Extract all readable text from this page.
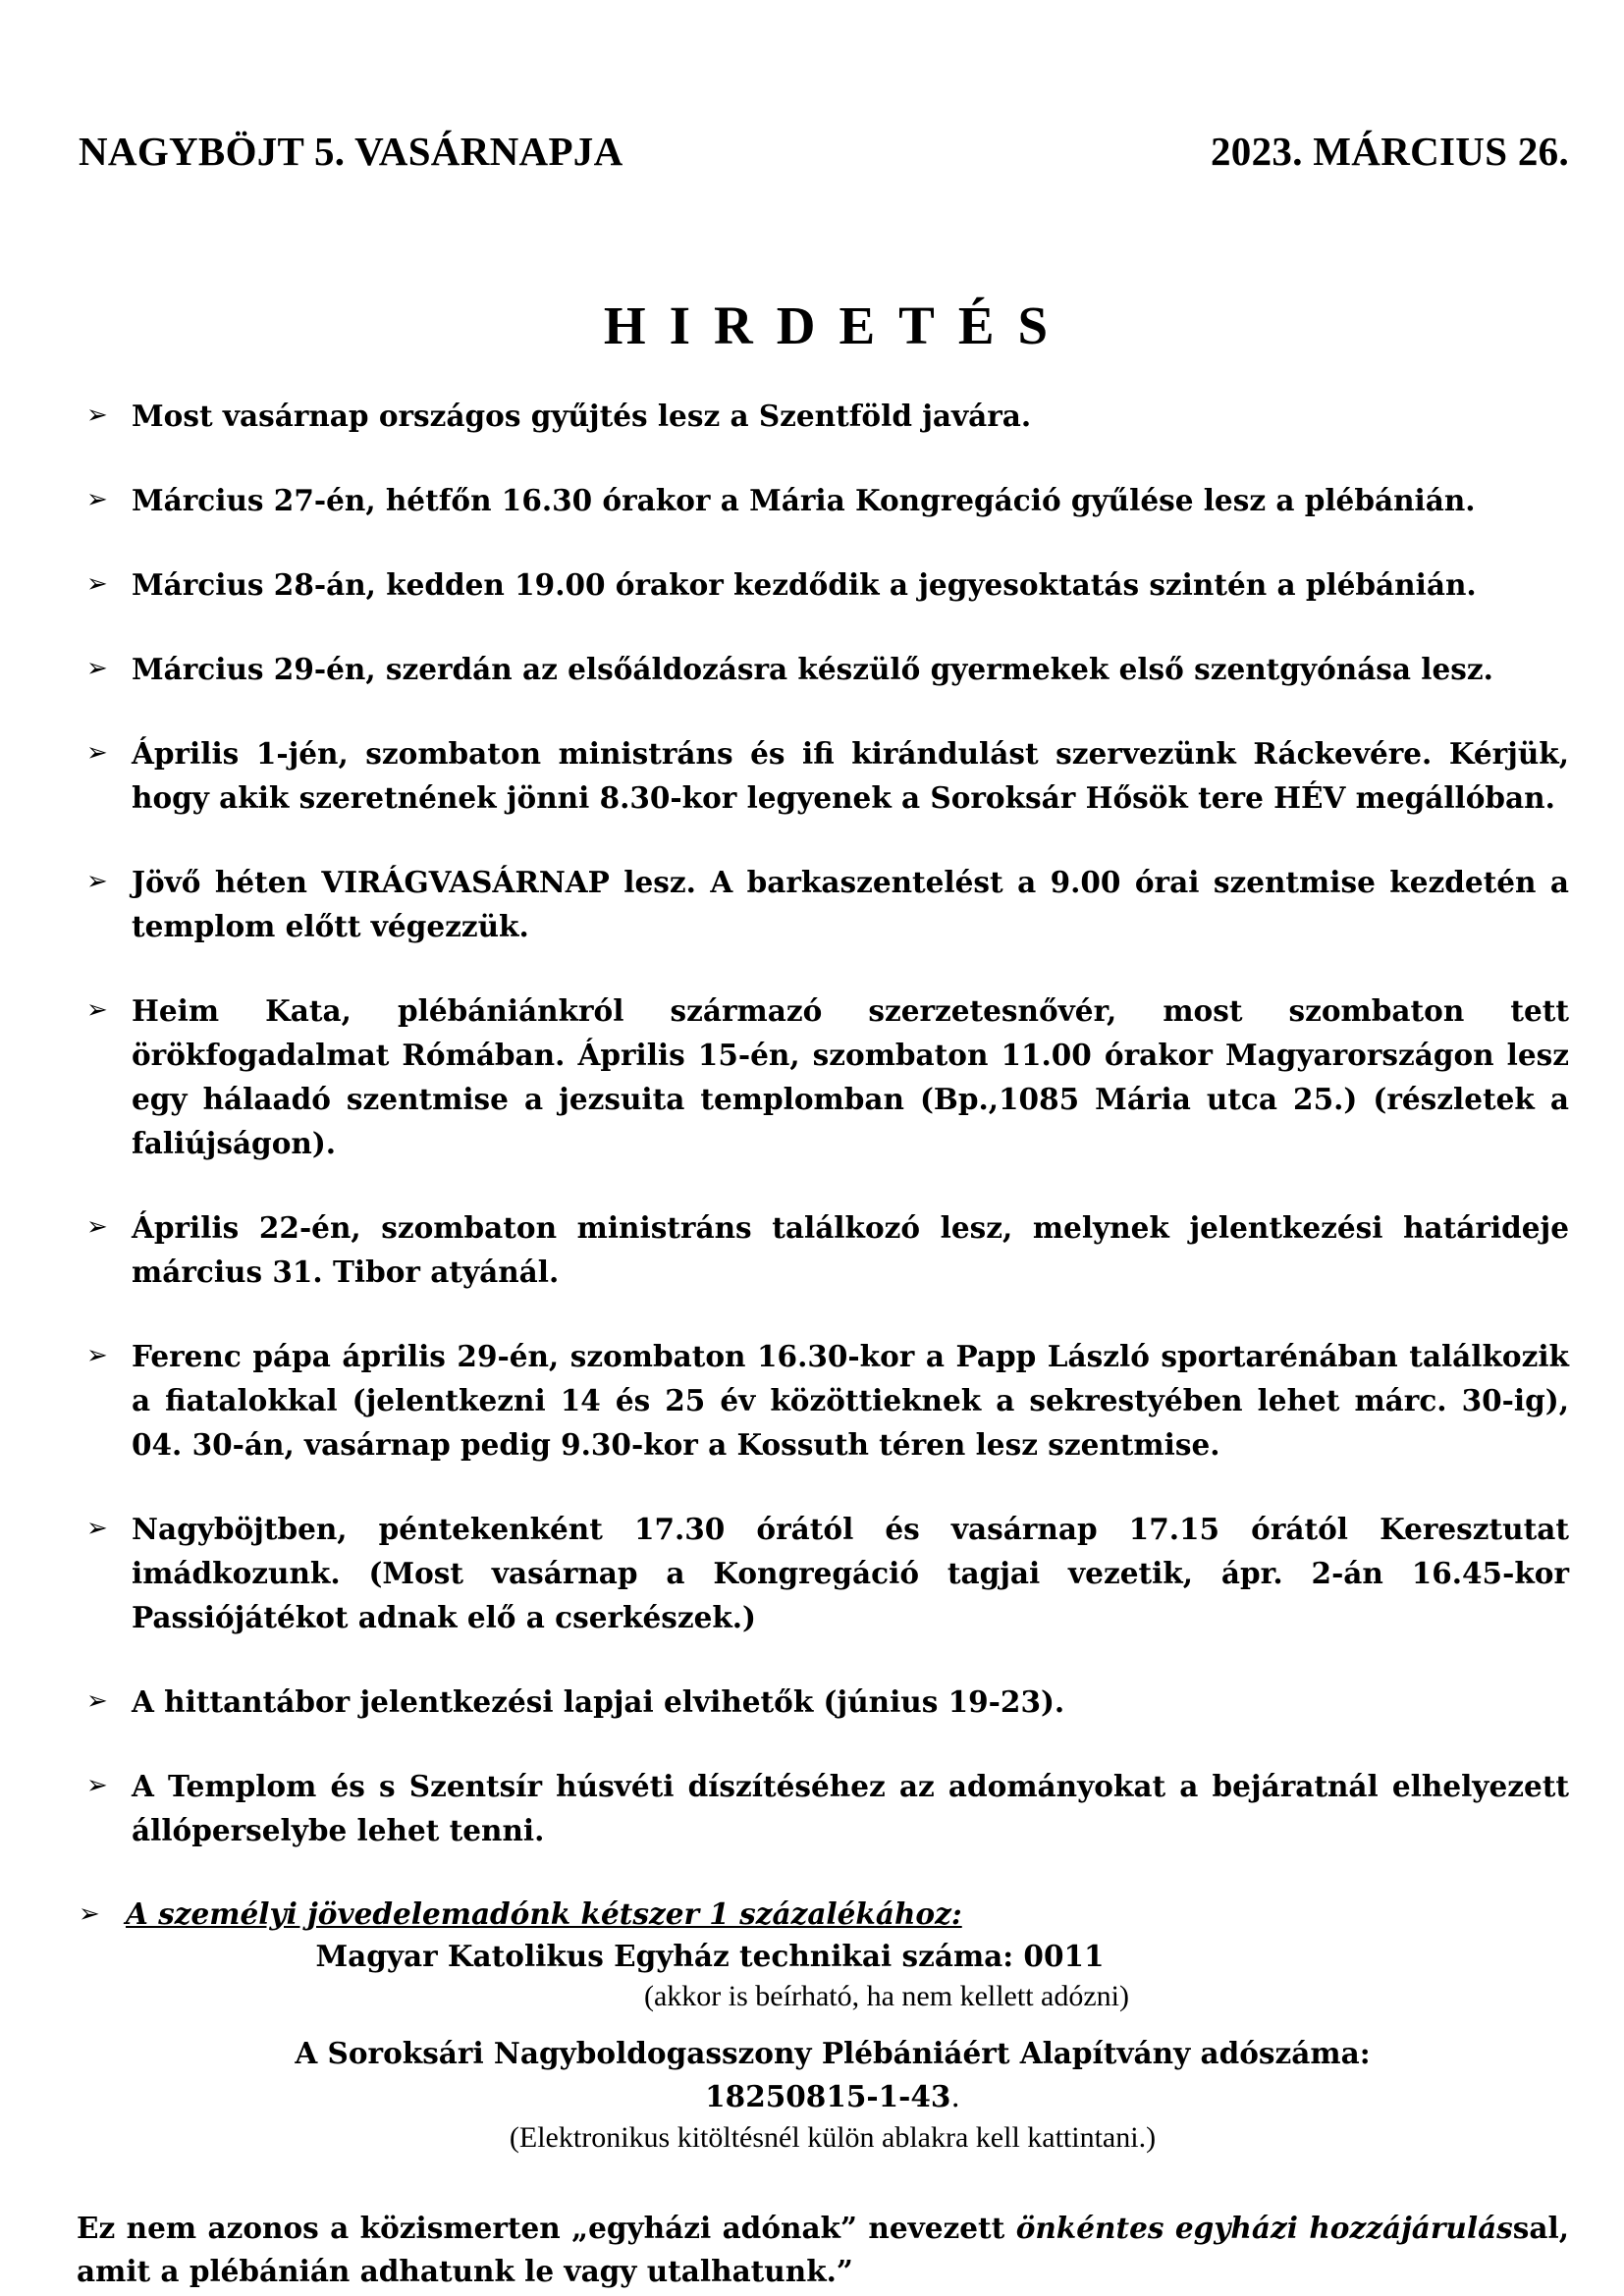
NAGYBÖJT 5. VASÁRNAPJA	2023. MÁRCIUS 26.
HIRDETÉS
➢ Most vasárnap országos gyűjtés lesz a Szentföld javára.
➢ Március 27-én, hétfőn 16.30 órakor a Mária Kongregáció gyűlése lesz a plébánián.
➢ Március 28-án, kedden 19.00 órakor kezdődik a jegyesoktatás szintén a plébánián.
➢ Március 29-én, szerdán az elsőáldozásra készülő gyermekek első szentgyónása lesz.
➢ Április 1-jén, szombaton ministráns és ifi kirándulást szervezünk Ráckevére. Kérjük, hogy akik szeretnének jönni 8.30-kor legyenek a Soroksár Hősök tere HÉV megállóban.
➢ Jövő héten VIRÁGVASÁRNAP lesz. A barkaszentelést a 9.00 órai szentmise kezdetén a templom előtt végezzük.
➢ Heim Kata, plébániánkról származó szerzetesnővér, most szombaton tett örökfogadalmat Rómában. Április 15-én, szombaton 11.00 órakor Magyarországon lesz egy hálaadó szentmise a jezsuita templomban (Bp.,1085 Mária utca 25.) (részletek a faliújságon).
➢ Április 22-én, szombaton ministráns találkozó lesz, melynek jelentkezési határideje március 31. Tibor atyánál.
➢ Ferenc pápa április 29-én, szombaton 16.30-kor a Papp László sportarénában találkozik a fiatalokkal (jelentkezni 14 és 25 év közöttieknek a sekrestyében lehet márc. 30-ig), 04. 30-án, vasárnap pedig 9.30-kor a Kossuth téren lesz szentmise.
➢ Nagyböjtben, péntekenként 17.30 órától és vasárnap 17.15 órától Keresztutat imádkozunk. (Most vasárnap a Kongregáció tagjai vezetik, ápr. 2-án 16.45-kor Passiójátékot adnak elő a cserkészek.)
➢ A hittantábor jelentkezési lapjai elvihetők (június 19-23).
➢ A Templom és s Szentsír húsvéti díszítéséhez az adományokat a bejáratnál elhelyezett állóperselybe lehet tenni.
➢ A személyi jövedelemadónk kétszer 1 százalékához:
Magyar Katolikus Egyház technikai száma: 0011
(akkor is beírható, ha nem kellett adózni)
A Soroksári Nagyboldogasszony Plébániáért Alapítvány adószáma:
18250815-1-43.
(Elektronikus kitöltésnél külön ablakra kell kattintani.)
Ez nem azonos a közismerten „egyházi adónak” nevezett önkéntes egyházi hozzájárulással, amit a plébánián adhatunk le vagy utalhatunk.”
